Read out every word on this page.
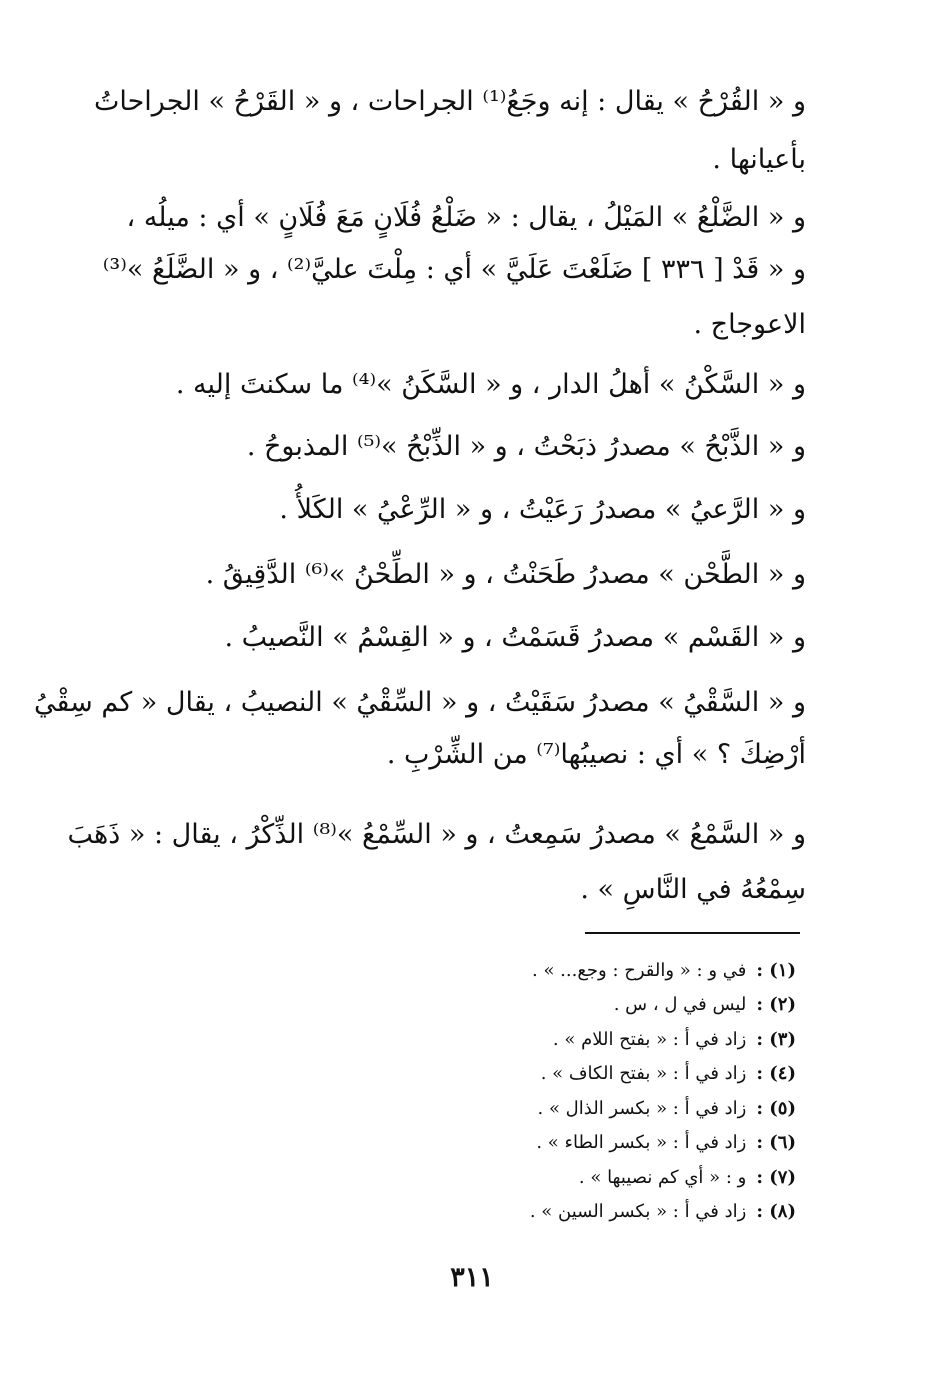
و « القُرْحُ » يقال : إنه وجَعُ⁽¹⁾ الجراحات ، و « القَرْحُ » الجراحاتُ
بأعيانها .
و « الضَّلْعُ » المَيْلُ ، يقال : « ضَلْعُ فُلَانٍ مَعَ فُلَانٍ » أي : ميلُه ،
و « قَدْ [ ٣٣٦ ] ضَلَعْتَ عَلَيَّ » أي : مِلْتَ عليَّ⁽²⁾ ، و « الضَّلَعُ »⁽³⁾
الاعوجاج .
و « السَّكْنُ » أهلُ الدار ، و « السَّكَنُ »⁽⁴⁾ ما سكنتَ إليه .
و « الذَّبْحُ » مصدرُ ذبَحْتُ ، و « الذِّبْحُ »⁽⁵⁾ المذبوحُ .
و « الرَّعيُ » مصدرُ رَعَيْتُ ، و « الرِّعْيُ » الكَلأُ .
و « الطَّحْن » مصدرُ طَحَنْتُ ، و « الطِّحْنُ »⁽⁶⁾ الدَّقِيقُ .
و « القَسْم » مصدرُ قَسَمْتُ ، و « القِسْمُ » النَّصيبُ .
و « السَّقْيُ » مصدرُ سَقَيْتُ ، و « السِّقْيُ » النصيبُ ، يقال « كم سِقْيُ
أرْضِكَ ؟ » أي : نصيبُها⁽⁷⁾ من الشِّرْبِ .
و « السَّمْعُ » مصدرُ سَمِعتُ ، و « السِّمْعُ »⁽⁸⁾ الذِّكْرُ ، يقال : « ذَهَبَ
سِمْعُهُ في النَّاسِ » .
(١) :في و : « والقرح : وجع... » .
(٢) :ليس في ل ، س .
(٣) :زاد في أ : « بفتح اللام » .
(٤) :زاد في أ : « بفتح الكاف » .
(٥) :زاد في أ : « بكسر الذال » .
(٦) :زاد في أ : « بكسر الطاء » .
(٧) :و : « أي كم نصيبها » .
(٨) :زاد في أ : « بكسر السين » .
٣١١
